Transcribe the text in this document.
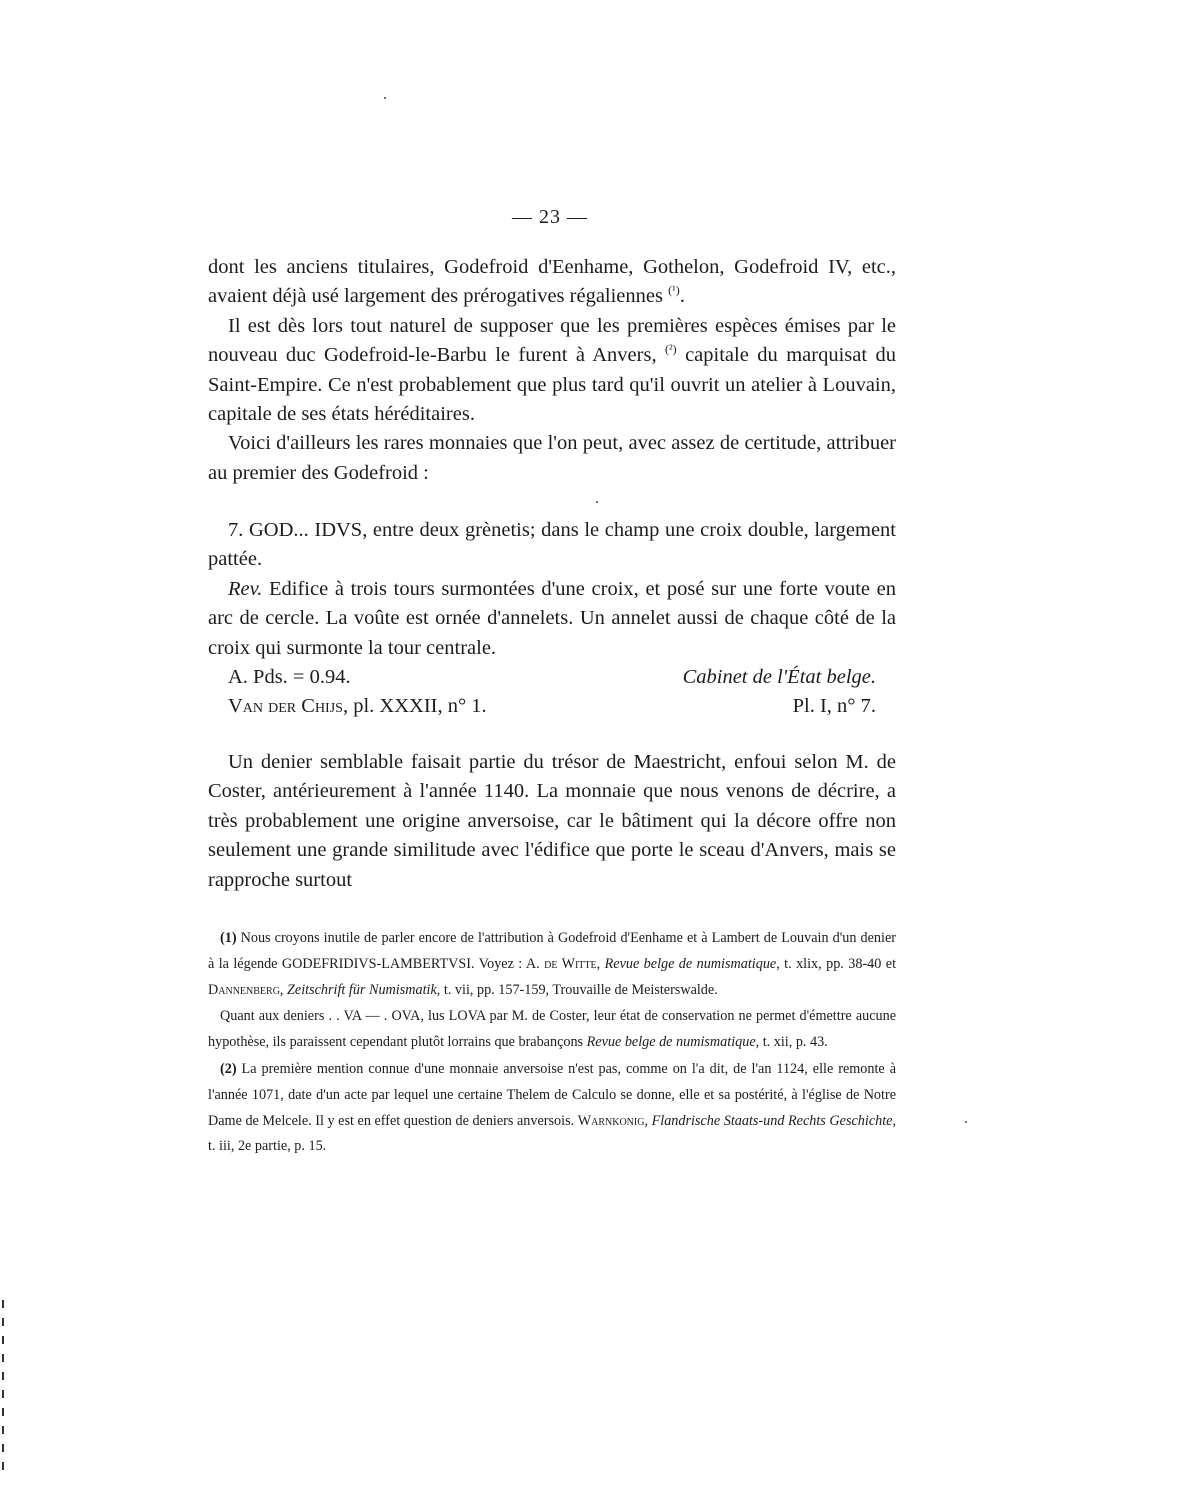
— 23 —

dont les anciens titulaires, Godefroid d'Eenhame, Gothelon, Godefroid IV, etc., avaient déjà usé largement des prérogatives régaliennes $^{(^1)}$.

Il est dès lors tout naturel de supposer que les premières espèces émises par le nouveau duc Godefroid-le-Barbu le furent à Anvers, $^{(^2)}$ capitale du marquisat du Saint-Empire. Ce n'est probablement que plus tard qu'il ouvrit un atelier à Louvain, capitale de ses états héréditaires.

Voici d'ailleurs les rares monnaies que l'on peut, avec assez de certitude, attribuer au premier des Godefroid :

7. GOD... IDVS, entre deux grènetis; dans le champ une croix double, largement pattée.

Rev. Edifice à trois tours surmontées d'une croix, et posé sur une forte voute en arc de cercle. La voûte est ornée d'annelets. Un annelet aussi de chaque côté de la croix qui surmonte la tour centrale.

A. Pds. = 0.94.	Cabinet de l'État belge.
Van der Chijs, pl. XXXII, n° 1.	Pl. I, n° 7.

Un denier semblable faisait partie du trésor de Maestricht, enfoui selon M. de Coster, antérieurement à l'année 1140. La monnaie que nous venons de décrire, a très probablement une origine anversoise, car le bâtiment qui la décore offre non seulement une grande similitude avec l'édifice que porte le sceau d'Anvers, mais se rapproche surtout

(1) Nous croyons inutile de parler encore de l'attribution à Godefroid d'Eenhame et à Lambert de Louvain d'un denier à la légende GODEFRIDIVS-LAMBERTVSI. Voyez : A. de Witte, Revue belge de numismatique, t. xlix, pp. 38-40 et Dannenberg, Zeitschrift für Numismatik, t. vii, pp. 157-159, Trouvaille de Meisterswalde.

Quant aux deniers . . VA — . OVA, lus LOVA par M. de Coster, leur état de conservation ne permet d'émettre aucune hypothèse, ils paraissent cependant plutôt lorrains que brabançons Revue belge de numismatique, t. xii, p. 43.

(2) La première mention connue d'une monnaie anversoise n'est pas, comme on l'a dit, de l'an 1124, elle remonte à l'année 1071, date d'un acte par lequel une certaine Thelem de Calculo se donne, elle et sa postérité, à l'église de Notre Dame de Melcele. Il y est en effet question de deniers anversois. Warnkonig, Flandrische Staats-und Rechts Geschichte, t. iii, 2e partie, p. 15.
